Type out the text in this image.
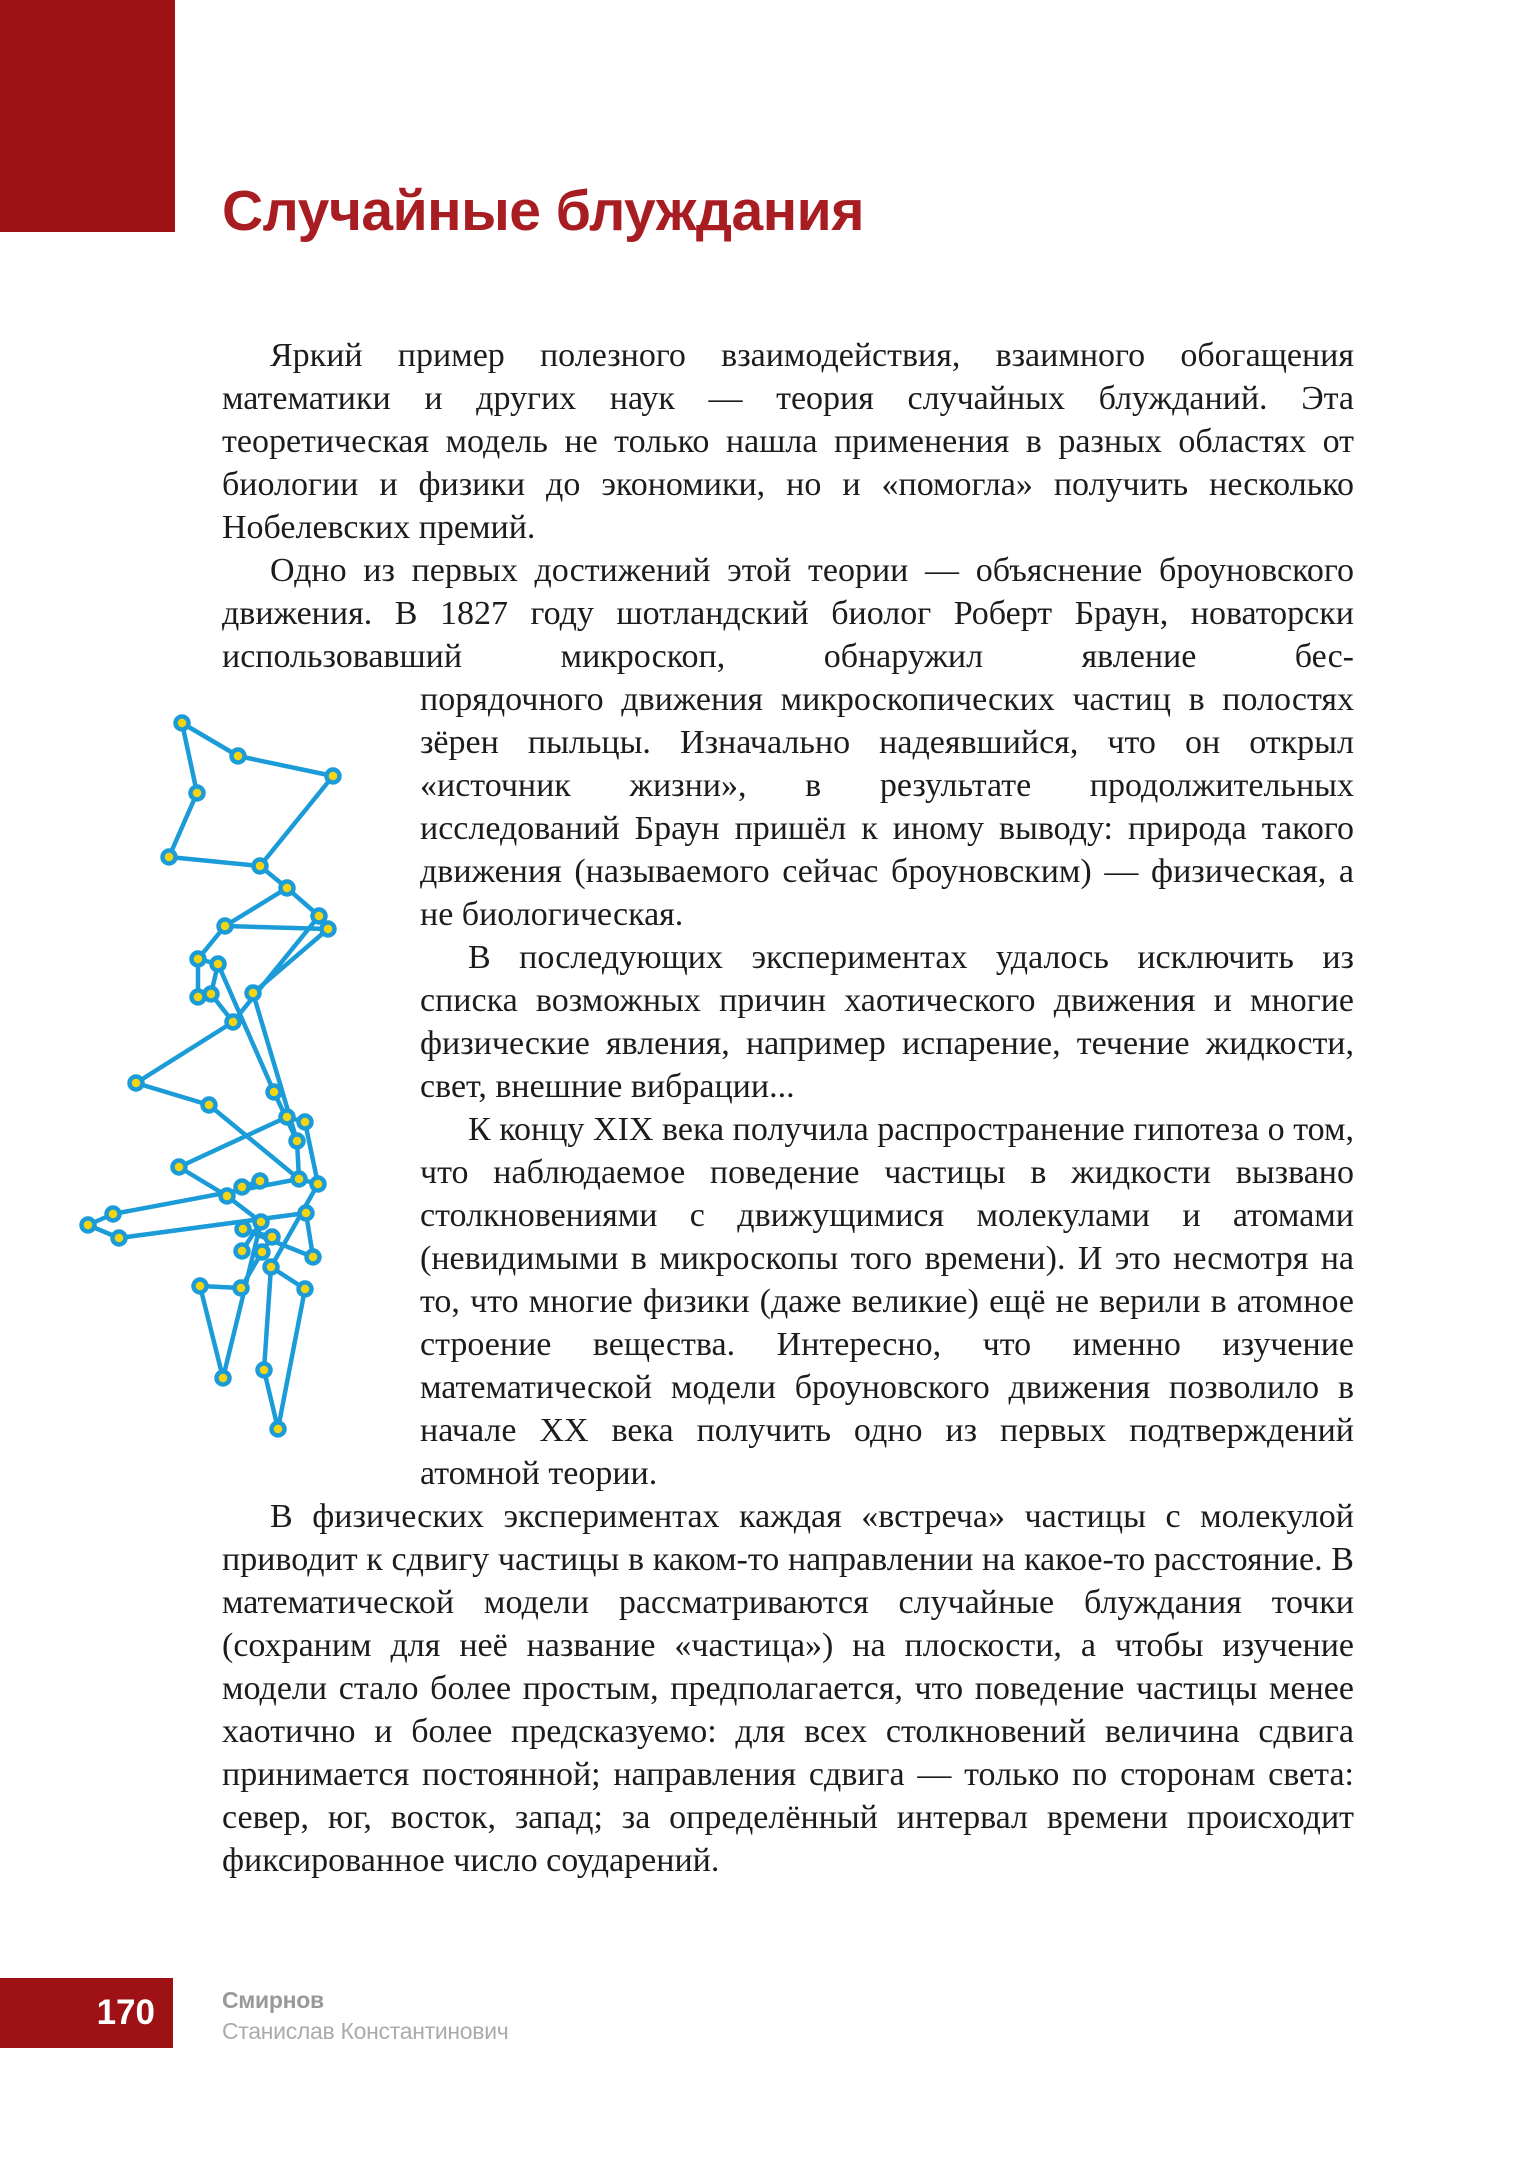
Случайные блуждания

Яркий пример полезного взаимодействия, взаимного обогащения математики и других наук — теория случайных блужданий. Эта теоретическая модель не только нашла применения в разных областях от биологии и физики до экономики, но и «помогла» получить несколько Нобелевских премий.

Одно из первых достижений этой теории — объяснение броуновского движения. В 1827 году шотландский биолог Роберт Браун, новаторски использовавший микроскоп, обнаружил явление бес-

порядочного движения микроскопических частиц в полостях зёрен пыльцы. Изначально надеявшийся, что он открыл «источник жизни», в результате продолжительных исследований Браун пришёл к иному выводу: природа такого движения (называемого сейчас броуновским) — физическая, а не биологическая.

В последующих экспериментах удалось исключить из списка возможных причин хаотического движения и многие физические явления, например испарение, течение жидкости, свет, внешние вибрации...

К концу XIX века получила распространение гипотеза о том, что наблюдаемое поведение частицы в жидкости вызвано столкновениями с движущимися молекулами и атомами (невидимыми в микроскопы того времени). И это несмотря на то, что многие физики (даже великие) ещё не верили в атомное строение вещества. Интересно, что именно изучение математической модели броуновского движения позволило в начале XX века получить одно из первых подтверждений атомной теории.

В физических экспериментах каждая «встреча» частицы с молекулой приводит к сдвигу частицы в каком-то направлении на какое-то расстояние. В математической модели рассматриваются случайные блуждания точки (сохраним для неё название «частица») на плоскости, а чтобы изучение модели стало более простым, предполагается, что поведение частицы менее хаотично и более предсказуемо: для всех столкновений величина сдвига принимается постоянной; направления сдвига — только по сторонам света: север, юг, восток, запад; за определённый интервал времени происходит фиксированное число соударений.

170	Смирнов
Станислав Константинович
